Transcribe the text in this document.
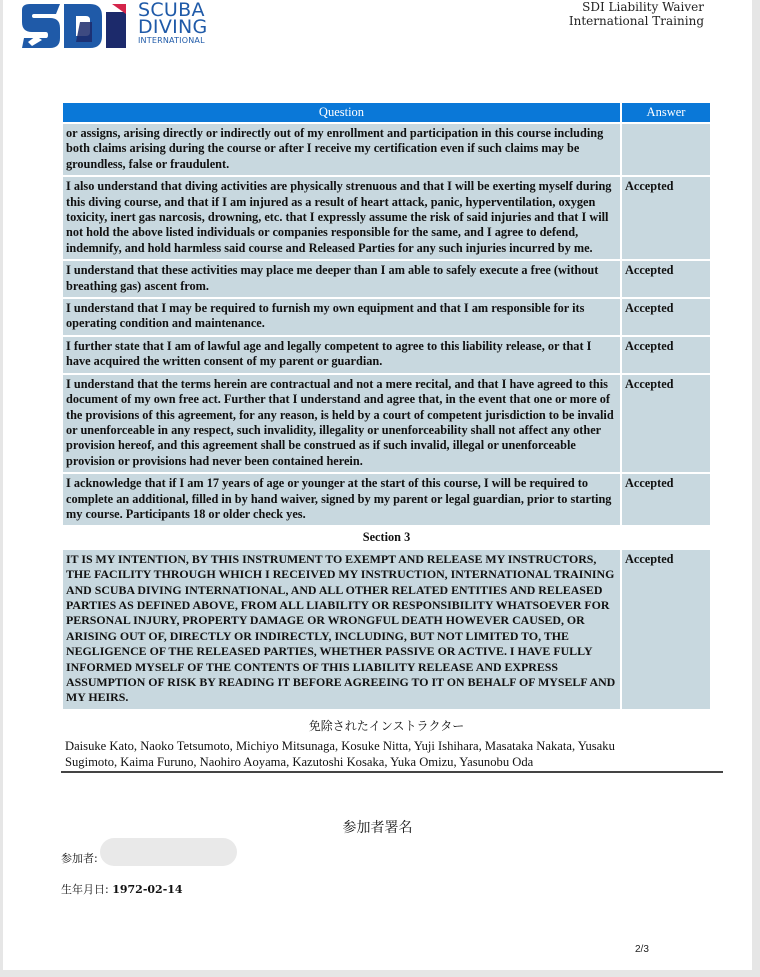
SCUBA
DIVING
INTERNATIONAL
SDI Liability Waiver
International Training
Question	Answer
or assigns, arising directly or indirectly out of my enrollment and participation in this course including both claims arising during the course or after I receive my certification even if such claims may be groundless, false or fraudulent.	
I also understand that diving activities are physically strenuous and that I will be exerting myself during this diving course, and that if I am injured as a result of heart attack, panic, hyperventilation, oxygen toxicity, inert gas narcosis, drowning, etc. that I expressly assume the risk of said injuries and that I will not hold the above listed individuals or companies responsible for the same, and I agree to defend, indemnify, and hold harmless said course and Released Parties for any such injuries incurred by me.	Accepted
I understand that these activities may place me deeper than I am able to safely execute a free (without breathing gas) ascent from.	Accepted
I understand that I may be required to furnish my own equipment and that I am responsible for its operating condition and maintenance.	Accepted
I further state that I am of lawful age and legally competent to agree to this liability release, or that I have acquired the written consent of my parent or guardian.	Accepted
I understand that the terms herein are contractual and not a mere recital, and that I have agreed to this document of my own free act. Further that I understand and agree that, in the event that one or more of the provisions of this agreement, for any reason, is held by a court of competent jurisdiction to be invalid or unenforceable in any respect, such invalidity, illegality or unenforceability shall not affect any other provision hereof, and this agreement shall be construed as if such invalid, illegal or unenforceable provision or provisions had never been contained herein.	Accepted
I acknowledge that if I am 17 years of age or younger at the start of this course, I will be required to complete an additional, filled in by hand waiver, signed by my parent or legal guardian, prior to starting my course. Participants 18 or older check yes.	Accepted
Section 3	
IT IS MY INTENTION, BY THIS INSTRUMENT TO EXEMPT AND RELEASE MY INSTRUCTORS, THE FACILITY THROUGH WHICH I RECEIVED MY INSTRUCTION, INTERNATIONAL TRAINING AND SCUBA DIVING INTERNATIONAL, AND ALL OTHER RELATED ENTITIES AND RELEASED PARTIES AS DEFINED ABOVE, FROM ALL LIABILITY OR RESPONSIBILITY WHATSOEVER FOR PERSONAL INJURY, PROPERTY DAMAGE OR WRONGFUL DEATH HOWEVER CAUSED, OR ARISING OUT OF, DIRECTLY OR INDIRECTLY, INCLUDING, BUT NOT LIMITED TO, THE NEGLIGENCE OF THE RELEASED PARTIES, WHETHER PASSIVE OR ACTIVE. I HAVE FULLY INFORMED MYSELF OF THE CONTENTS OF THIS LIABILITY RELEASE AND EXPRESS ASSUMPTION OF RISK BY READING IT BEFORE AGREEING TO IT ON BEHALF OF MYSELF AND MY HEIRS.	Accepted
免除されたインストラクター
Daisuke Kato, Naoko Tetsumoto, Michiyo Mitsunaga, Kosuke Nitta, Yuji Ishihara, Masataka Nakata, Yusaku Sugimoto, Kaima Furuno, Naohiro Aoyama, Kazutoshi Kosaka, Yuka Omizu, Yasunobu Oda
参加者署名
参加者:
生年月日: 1972-02-14
2/3
